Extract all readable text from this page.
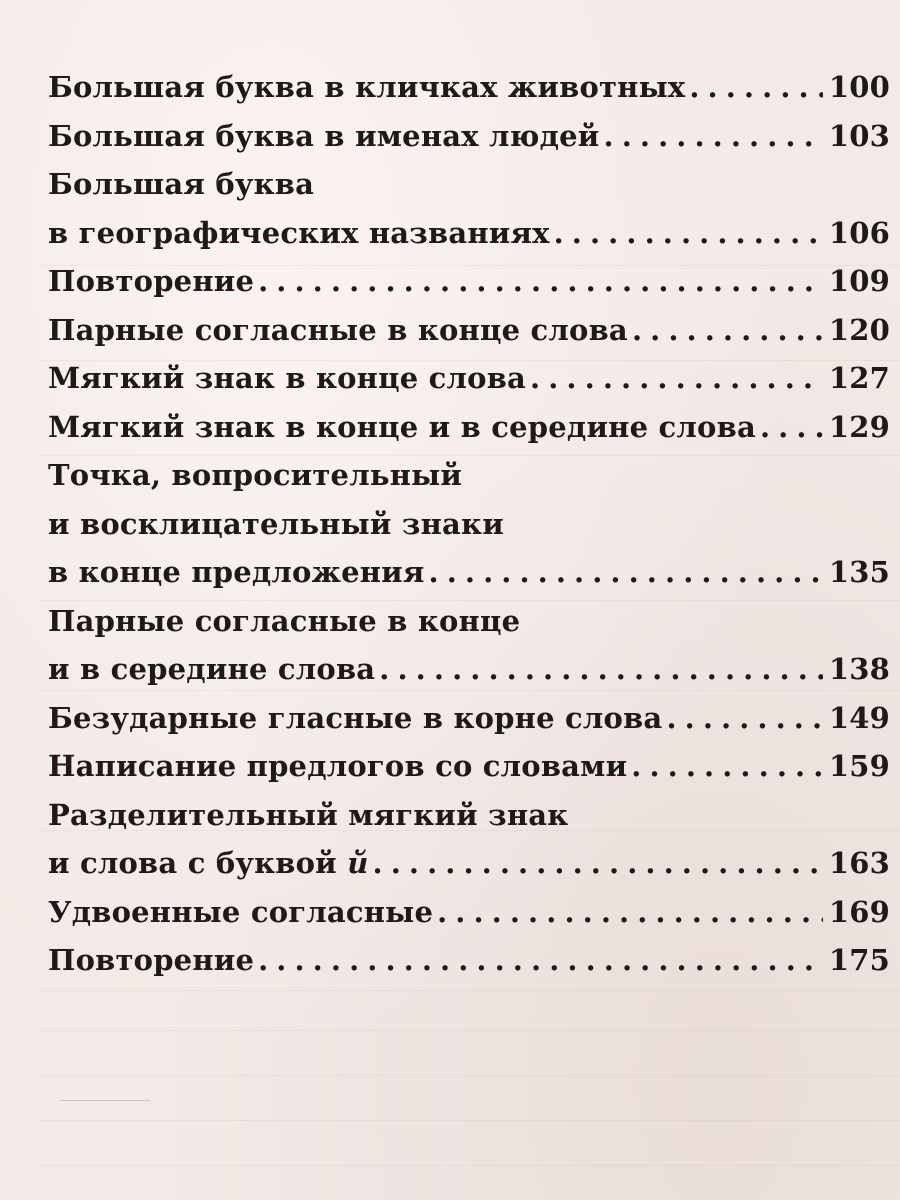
Большая буква в кличках животных . . .	100
Большая буква в именах людей . . .	103
Большая буква
в географических названиях . . .	106
Повторение . . .	109
Парные согласные в конце слова . . .	120
Мягкий знак в конце слова . . .	127
Мягкий знак в конце и в середине слова . . .	129
Точка, вопросительный
и восклицательный знаки
в конце предложения . . .	135
Парные согласные в конце
и в середине слова . . .	138
Безударные гласные в корне слова . . .	149
Написание предлогов со словами . . .	159
Разделительный мягкий знак
и слова с буквой
й . . .	163
Удвоенные согласные . . .	169
Повторение . . .	175
